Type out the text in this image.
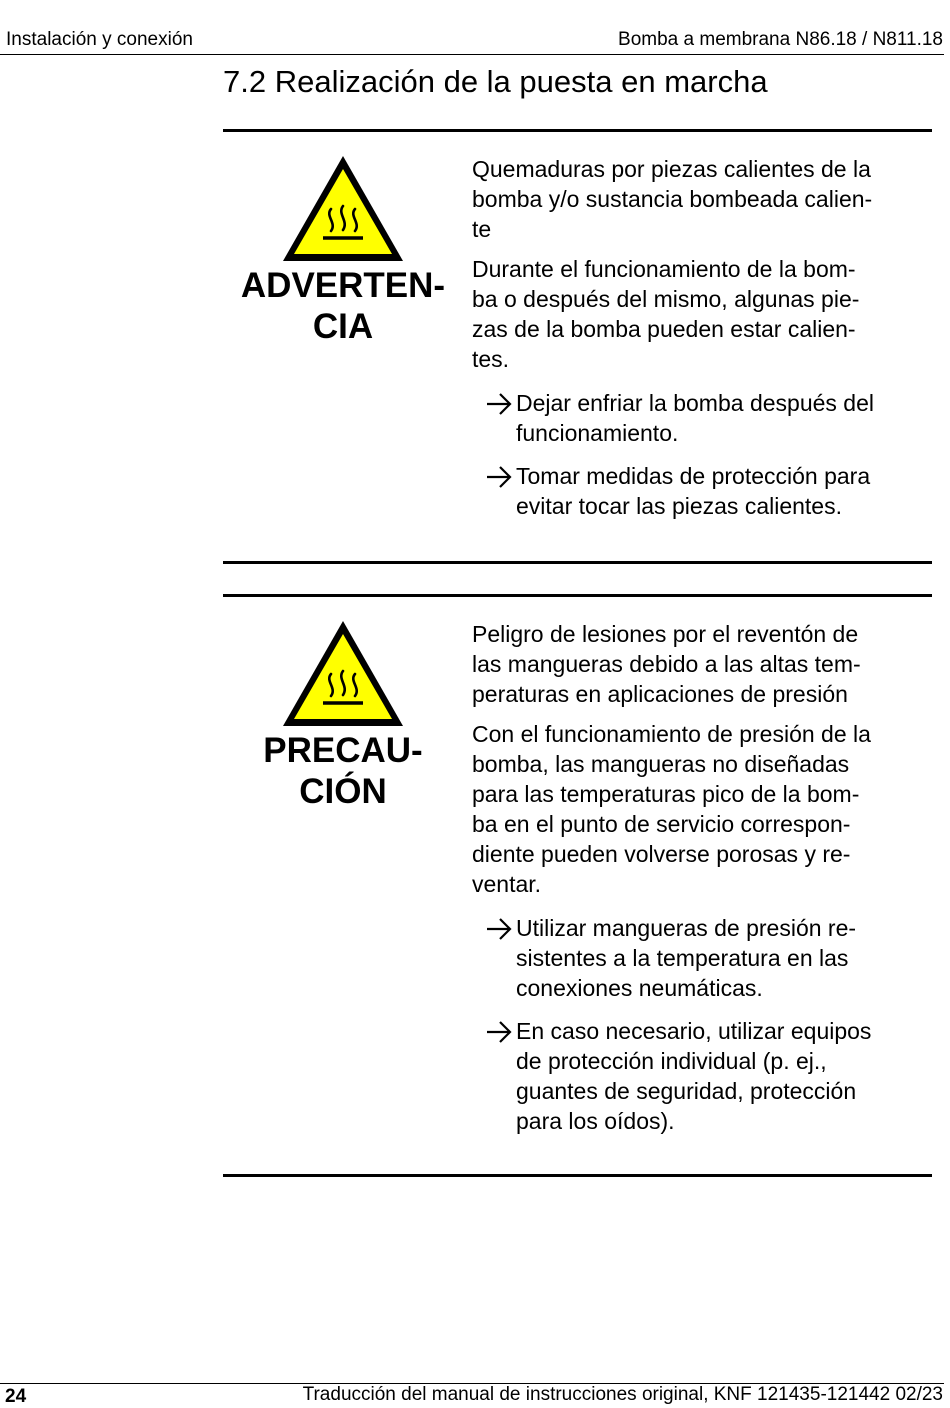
Instalación y conexión	Bomba a membrana N86.18 / N811.18
7.2 Realización de la puesta en marcha
ADVERTEN-
CIA

Quemaduras por piezas calientes de la
bomba y/o sustancia bombeada calien-
te

Durante el funcionamiento de la bom-
ba o después del mismo, algunas pie-
zas de la bomba pueden estar calien-
tes.

Dejar enfriar la bomba después del
funcionamiento.
Tomar medidas de protección para
evitar tocar las piezas calientes.
PRECAU-
CIÓN

Peligro de lesiones por el reventón de
las mangueras debido a las altas tem-
peraturas en aplicaciones de presión

Con el funcionamiento de presión de la
bomba, las mangueras no diseñadas
para las temperaturas pico de la bom-
ba en el punto de servicio correspon-
diente pueden volverse porosas y re-
ventar.

Utilizar mangueras de presión re-
sistentes a la temperatura en las
conexiones neumáticas.
En caso necesario, utilizar equipos
de protección individual (p. ej.,
guantes de seguridad, protección
para los oídos).
24	Traducción del manual de instrucciones original, KNF 121435-121442 02/23
